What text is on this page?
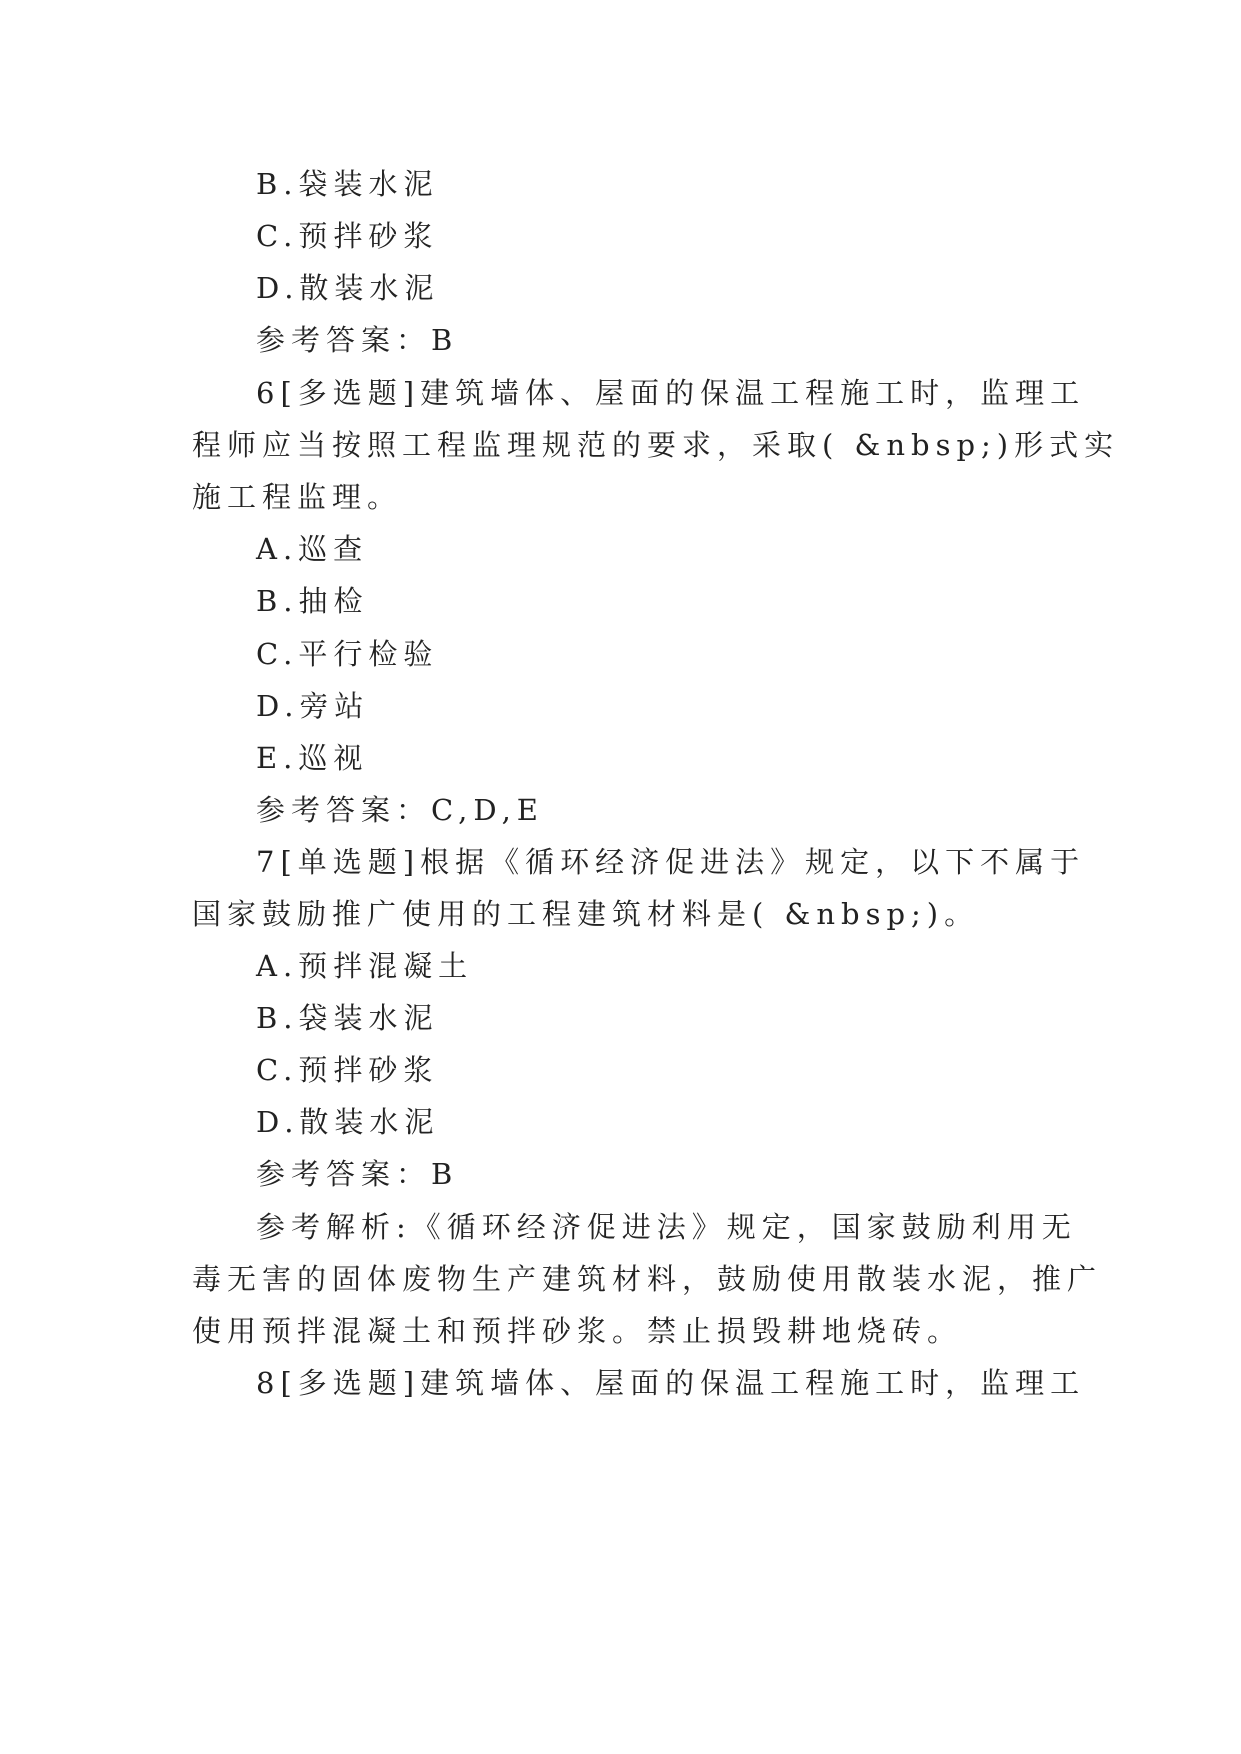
B.袋装水泥
C.预拌砂浆
D.散装水泥
参考答案：B
6[多选题]建筑墙体、屋面的保温工程施工时，监理工
程师应当按照工程监理规范的要求，采取( &nbsp;)形式实
施工程监理。
A.巡查
B.抽检
C.平行检验
D.旁站
E.巡视
参考答案：C,D,E
7[单选题]根据《循环经济促进法》规定，以下不属于
国家鼓励推广使用的工程建筑材料是( &nbsp;)。
A.预拌混凝土
B.袋装水泥
C.预拌砂浆
D.散装水泥
参考答案：B
参考解析:《循环经济促进法》规定，国家鼓励利用无
毒无害的固体废物生产建筑材料，鼓励使用散装水泥，推广
使用预拌混凝土和预拌砂浆。禁止损毁耕地烧砖。
8[多选题]建筑墙体、屋面的保温工程施工时，监理工
